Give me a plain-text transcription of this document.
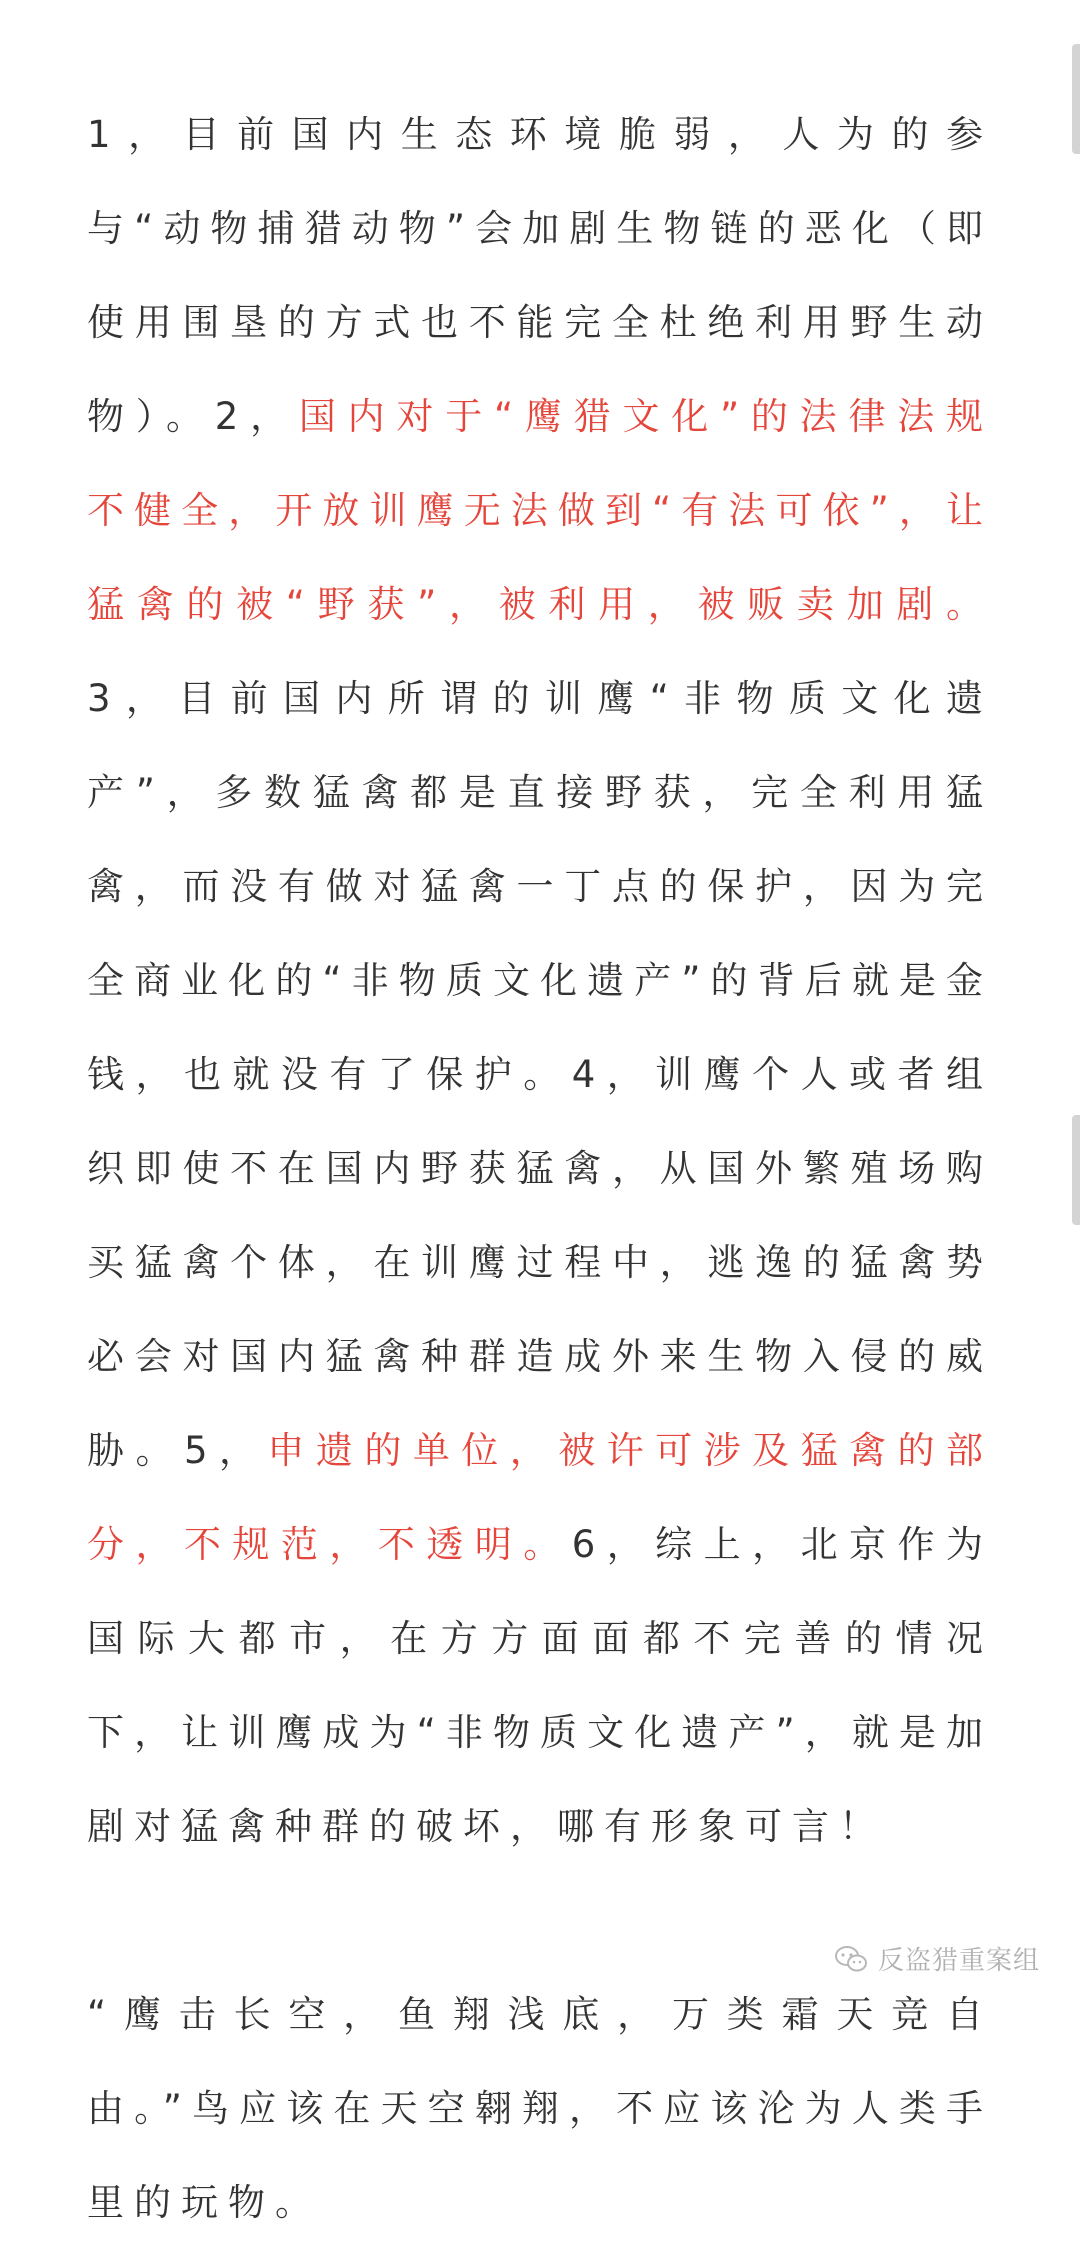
1，目前国内生态环境脆弱，人为的参与“动物捕猎动物”会加剧生物链的恶化（即使用围垦的方式也不能完全杜绝利用野生动物）。2，国内对于“鹰猎文化”的法律法规不健全，开放训鹰无法做到“有法可依”，让猛禽的被“野获”，被利用，被贩卖加剧。3，目前国内所谓的训鹰“非物质文化遗产”，多数猛禽都是直接野获，完全利用猛禽，而没有做对猛禽一丁点的保护，因为完全商业化的“非物质文化遗产”的背后就是金钱，也就没有了保护。4，训鹰个人或者组织即使不在国内野获猛禽，从国外繁殖场购买猛禽个体，在训鹰过程中，逃逸的猛禽势必会对国内猛禽种群造成外来生物入侵的威胁。5，申遗的单位，被许可涉及猛禽的部分，不规范，不透明。6，综上，北京作为国际大都市，在方方面面都不完善的情况下，让训鹰成为“非物质文化遗产”，就是加剧对猛禽种群的破坏，哪有形象可言！

“鹰击长空，鱼翔浅底，万类霜天竞自由。”鸟应该在天空翱翔，不应该沦为人类手里的玩物。

反盗猎重案组
